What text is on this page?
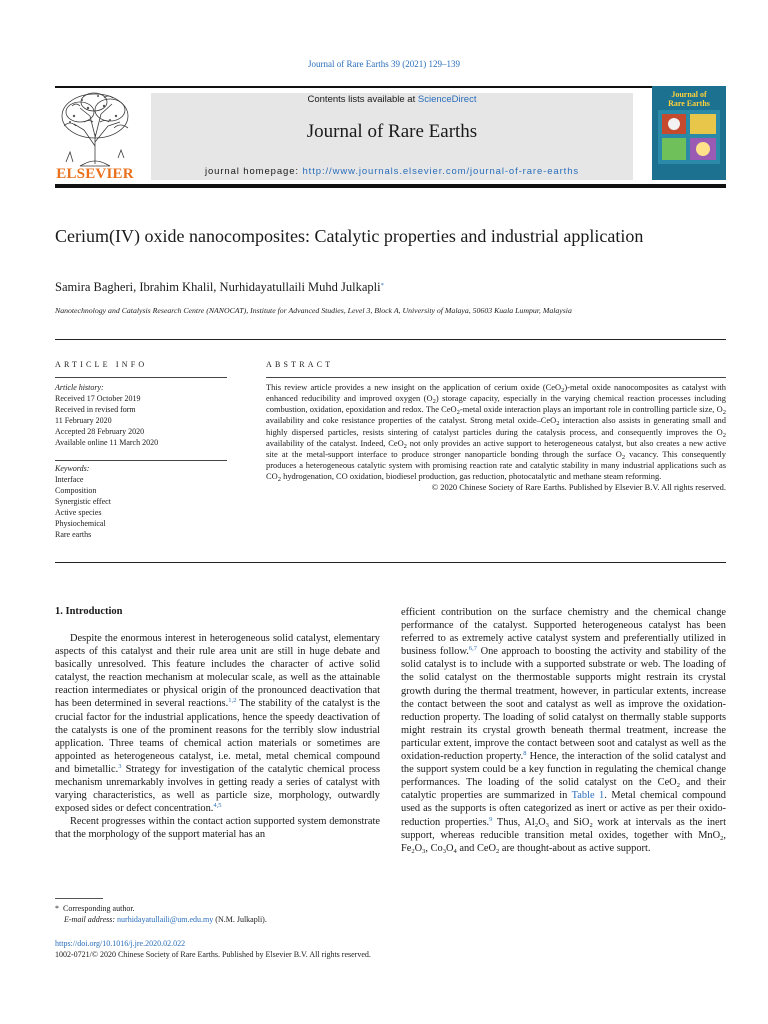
Journal of Rare Earths 39 (2021) 129–139
ELSEVIER
Contents lists available at ScienceDirect
Journal of Rare Earths
journal homepage: http://www.journals.elsevier.com/journal-of-rare-earths
Journal of
Rare Earths
Cerium(IV) oxide nanocomposites: Catalytic properties and industrial application
Samira Bagheri, Ibrahim Khalil, Nurhidayatullaili Muhd Julkapli*
Nanotechnology and Catalysis Research Centre (NANOCAT), Institute for Advanced Studies, Level 3, Block A, University of Malaya, 50603 Kuala Lumpur, Malaysia
ARTICLE INFO
Article history:
Received 17 October 2019
Received in revised form
11 February 2020
Accepted 28 February 2020
Available online 11 March 2020
Keywords:
Interface
Composition
Synergistic effect
Active species
Physiochemical
Rare earths
ABSTRACT

This review article provides a new insight on the application of cerium oxide (CeO$_2$)-metal oxide nanocomposites as catalyst with enhanced reducibility and improved oxygen $(O_2)$ storage capacity, especially in the varying chemical reaction processes including combustion, oxidation, epoxidation and redox. The CeO$_2$-metal oxide interaction plays an important role in controlling particle size, $O_2$ availability and coke resistance properties of the catalyst. Strong metal oxide–CeO$_2$ interaction also assists in generating small and highly dispersed particles, resists sintering of catalyst particles during the catalysis process, and consequently improves the $O_2$ availability of the catalyst. Indeed, CeO$_2$ not only provides an active support to heterogeneous catalyst, but also creates a new active site at the metal-support interface to produce stronger nanoparticle bonding through the surface $O_2$ vacancy. This consequently produces a heterogeneous catalytic system with promising reaction rate and catalytic stability in many industrial applications such as $CO_2$ hydrogenation, CO oxidation, biodiesel production, gas reduction, photocatalytic and methane steam reforming.

© 2020 Chinese Society of Rare Earths. Published by Elsevier B.V. All rights reserved.
1. Introduction

Despite the enormous interest in heterogeneous solid catalyst, elementary aspects of this catalyst and their rule area unit are still in huge debate and basically unresolved. This feature includes the character of active solid catalyst, the reaction mechanism at molecular scale, as well as the attainable reaction intermediates or physical origin of the pronounced deactivation that has been determined in several reactions.$^{1,2}$ The stability of the catalyst is the crucial factor for the industrial applications, hence the speedy deactivation of the catalysts is one of the prominent reasons for the terribly slow industrial application. Three teams of chemical action materials or sometimes are appointed as heterogeneous catalyst, i.e. metal, metal chemical compound and bimetallic.$^3$ Strategy for investigation of the catalytic chemical process mechanism unremarkably involves in getting ready a series of catalyst with varying characteristics, as well as particle size, morphology, outwardly exposed sides or defect concentration.$^{4,5}$

Recent progresses within the contact action supported system demonstrate that the morphology of the support material has an

efficient contribution on the surface chemistry and the chemical change performance of the catalyst. Supported heterogeneous catalyst has been referred to as extremely active catalyst system and preferentially utilized in business follow.$^{6,7}$ One approach to boosting the activity and stability of the solid catalyst is to include with a supported substrate or web. The loading of the solid catalyst on the thermostable supports might restrain its crystal growth during the thermal treatment, however, in particular extents, increase the contact between the soot and catalyst as well as improve the oxidation-reduction property. The loading of solid catalyst on thermally stable supports might restrain its crystal growth beneath thermal treatment, increase the particular extent, improve the contact between soot and catalyst as well as the oxidation-reduction property.$^8$ Hence, the interaction of the solid catalyst and the support system could be a key function in regulating the chemical change performances. The loading of the solid catalyst on the CeO$_2$ and their catalytic properties are summarized in Table 1. Metal chemical compound used as the supports is often categorized as inert or active as per their oxido-reduction properties.$^9$ Thus, $Al_2O_3$ and SiO$_2$ work at intervals as the inert support, whereas reducible transition metal oxides, together with MnO$_2$, $Fe_2O_3$, $Co_3O_4$ and CeO$_2$ are thought-about as active support.

* Corresponding author.
E-mail address: nurhidayatullaili@um.edu.my (N.M. Julkapli).
https://doi.org/10.1016/j.jre.2020.02.022
1002-0721/© 2020 Chinese Society of Rare Earths. Published by Elsevier B.V. All rights reserved.
